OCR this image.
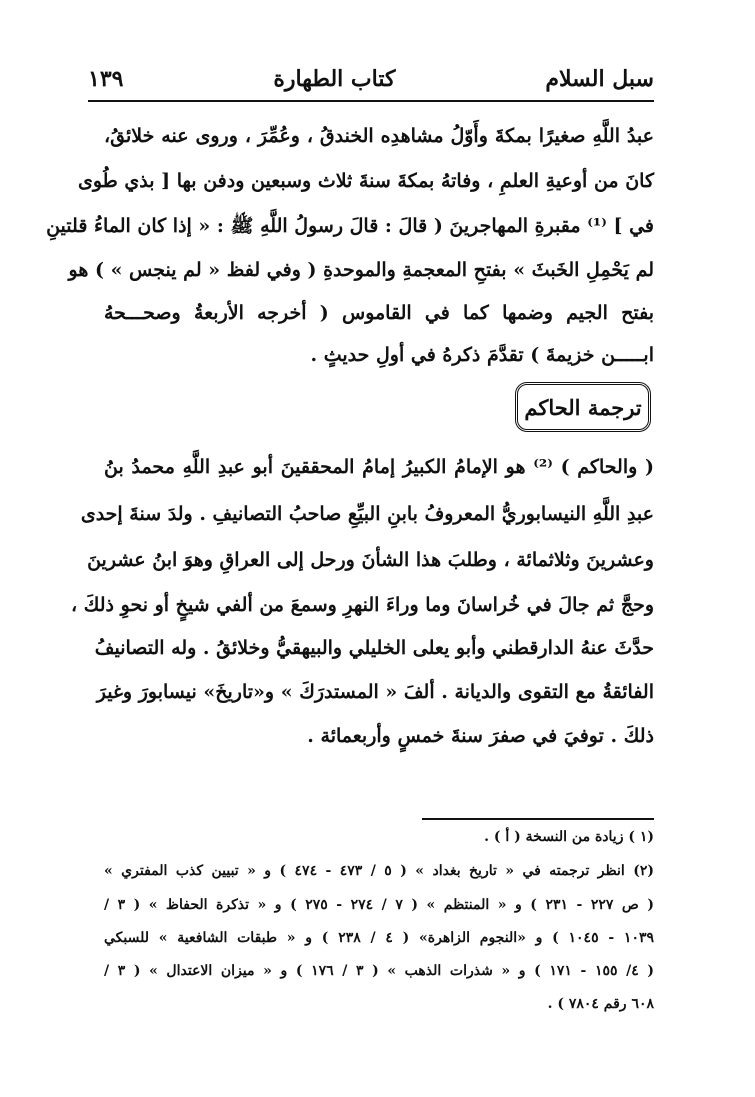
سبل السلام
كتاب الطهارة
١٣٩
عبدُ اللَّهِ صغيرًا بمكةَ وأَوّلُ مشاهدِه الخندقُ ، وعُمِّرَ ، وروى عنه خلائقُ،
كانَ من أوعيةِ العلمِ ، وفاتهُ بمكةَ سنةَ ثلاث وسبعين ودفن بها [ بذي طُوى
في ] ⁽¹⁾ مقبرةِ المهاجرينَ ( قالَ : قالَ رسولُ اللَّهِ ﷺ : « إذا كان الماءُ قلتينِ
لم يَحْمِلِ الخَبثَ » بفتحِ المعجمةِ والموحدةِ ( وفي لفظ « لم ينجس » ) هو
بفتح الجيم وضمها كما في القاموس ( أخرجه الأربعةُ وصحـــحهُ
ابـــــن خزيمةَ ) تقدَّمَ ذكرهُ في أولِ حديثٍ .
ترجمة الحاكم
( والحاكم ) ⁽²⁾ هو الإمامُ الكبيرُ إمامُ المحققينَ أبو عبدِ اللَّهِ محمدُ بنُ
عبدِ اللَّهِ النيسابوريُّ المعروفُ بابنِ البيِّعِ صاحبُ التصانيفِ . ولدَ سنةَ إحدى
وعشرينَ وثلاثمائة ، وطلبَ هذا الشأنَ ورحل إلى العراقِ وهوَ ابنُ عشرينَ
وحجَّ ثم جالَ في خُراسانَ وما وراءَ النهرِ وسمعَ من ألفي شيخٍ أو نحوِ ذلكَ ،
حدَّثَ عنهُ الدارقطني وأبو يعلى الخليلي والبيهقيُّ وخلائقُ . وله التصانيفُ
الفائقةُ مع التقوى والديانة . ألفَ « المستدرَكَ » و«تاريخَ» نيسابورَ وغيرَ
ذلكَ . توفيَ في صفرَ سنةَ خمسٍ وأربعمائة .
(١ ) زيادة من النسخة ( أ ) .
(٢) انظر ترجمته في « تاريخ بغداد » ( ٥ / ٤٧٣ - ٤٧٤ ) و « تبيين كذب المفتري »
( ص ٢٢٧ - ٢٣١ ) و « المنتظم » ( ٧ / ٢٧٤ - ٢٧٥ ) و « تذكرة الحفاظ » ( ٣ /
١٠٣٩ - ١٠٤٥ ) و «النجوم الزاهرة» ( ٤ / ٢٣٨ ) و « طبقات الشافعية » للسبكي
( ٤/ ١٥٥ - ١٧١ ) و « شذرات الذهب » ( ٣ / ١٧٦ ) و « ميزان الاعتدال » ( ٣ /
٦٠٨ رقم ٧٨٠٤ ) .
